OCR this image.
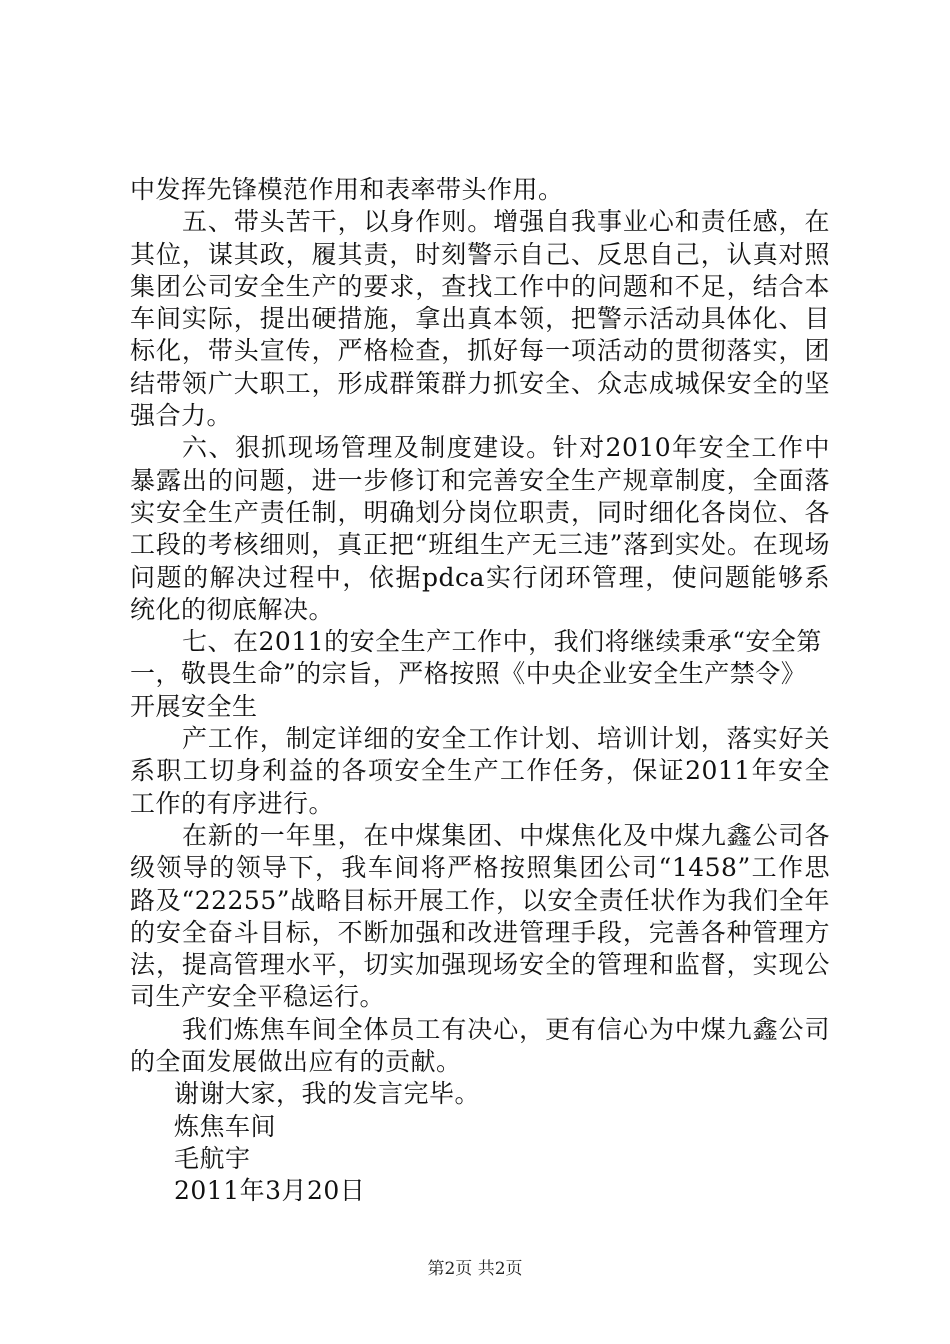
中发挥先锋模范作用和表率带头作用。

五、带头苦干，以身作则。增强自我事业心和责任感，在其位，谋其政，履其责，时刻警示自己、反思自己，认真对照集团公司安全生产的要求，查找工作中的问题和不足，结合本车间实际，提出硬措施，拿出真本领，把警示活动具体化、目标化，带头宣传，严格检查，抓好每一项活动的贯彻落实，团结带领广大职工，形成群策群力抓安全、众志成城保安全的坚强合力。

六、狠抓现场管理及制度建设。针对2010年安全工作中暴露出的问题，进一步修订和完善安全生产规章制度，全面落实安全生产责任制，明确划分岗位职责，同时细化各岗位、各工段的考核细则，真正把“班组生产无三违”落到实处。在现场问题的解决过程中，依据pdca实行闭环管理，使问题能够系统化的彻底解决。

七、在2011的安全生产工作中，我们将继续秉承“安全第一，敬畏生命”的宗旨，严格按照《中央企业安全生产禁令》开展安全生

产工作，制定详细的安全工作计划、培训计划，落实好关系职工切身利益的各项安全生产工作任务，保证2011年安全工作的有序进行。

在新的一年里，在中煤集团、中煤焦化及中煤九鑫公司各级领导的领导下，我车间将严格按照集团公司“1458”工作思路及“22255”战略目标开展工作，以安全责任状作为我们全年的安全奋斗目标，不断加强和改进管理手段，完善各种管理方法，提高管理水平，切实加强现场安全的管理和监督，实现公司生产安全平稳运行。

我们炼焦车间全体员工有决心，更有信心为中煤九鑫公司的全面发展做出应有的贡献。

谢谢大家，我的发言完毕。

炼焦车间

毛航宇

2011年3月20日

第2页 共2页
